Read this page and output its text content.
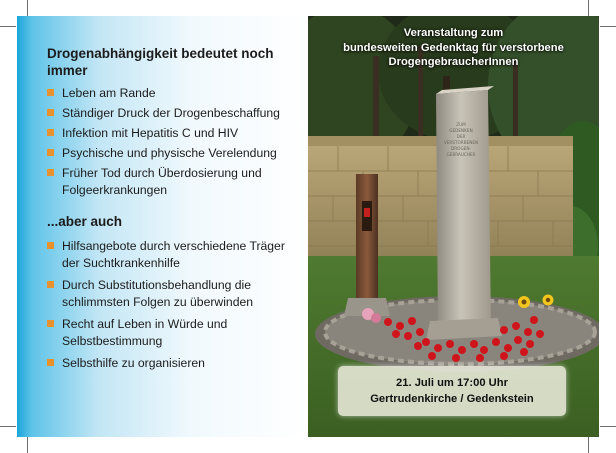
Drogenabhängigkeit bedeutet noch immer
Leben am Rande
Ständiger Druck der Drogenbeschaffung
Infektion mit Hepatitis C und HIV
Psychische und physische Verelendung
Früher Tod durch Überdosierung und Folgeerkrankungen
...aber auch
Hilfsangebote durch verschiedene Träger der Suchtkrankenhilfe
Durch Substitutionsbehandlung die schlimmsten Folgen zu überwinden
Recht auf Leben in Würde und Selbstbestimmung
Selbsthilfe zu organisieren
ZUM
GEDENKEN
DER
VERSTORBENEN
DROGEN-
GEBRAUCHER
Veranstaltung zum
bundesweiten Gedenktag für verstorbene
DrogengebraucherInnen
21. Juli um 17:00 Uhr
Gertrudenkirche / Gedenkstein
